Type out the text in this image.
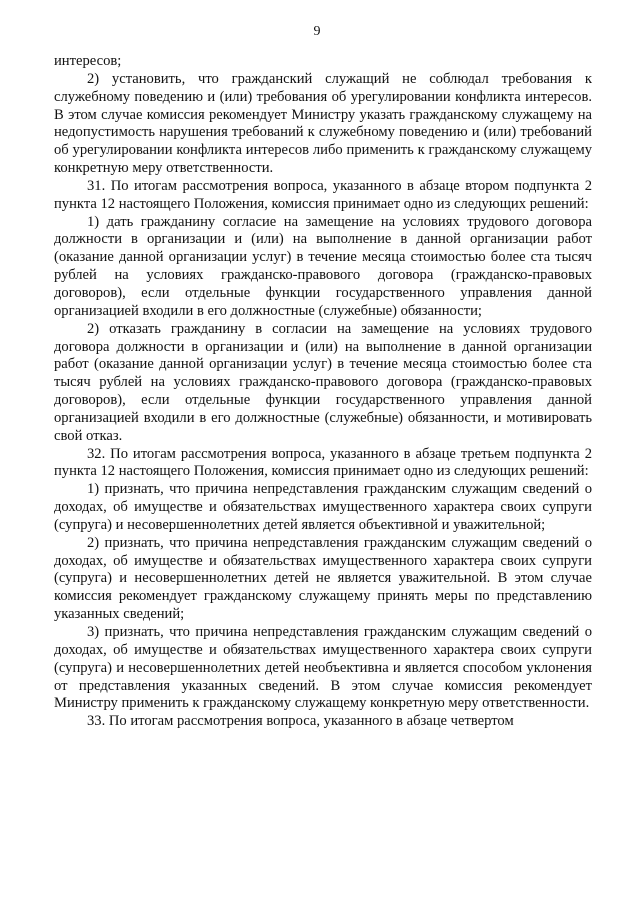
9

интересов;

2) установить, что гражданский служащий не соблюдал требования к служебному поведению и (или) требования об урегулировании конфликта интересов. В этом случае комиссия рекомендует Министру указать гражданскому служащему на недопустимость нарушения требований к служебному поведению и (или) требований об урегулировании конфликта интересов либо применить к гражданскому служащему конкретную меру ответственности.

31. По итогам рассмотрения вопроса, указанного в абзаце втором подпункта 2 пункта 12 настоящего Положения, комиссия принимает одно из следующих решений:

1) дать гражданину согласие на замещение на условиях трудового договора должности в организации и (или) на выполнение в данной организации работ (оказание данной организации услуг) в течение месяца стоимостью более ста тысяч рублей на условиях гражданско-правового договора (гражданско-правовых договоров), если отдельные функции государственного управления данной организацией входили в его должностные (служебные) обязанности;

2) отказать гражданину в согласии на замещение на условиях трудового договора должности в организации и (или) на выполнение в данной организации работ (оказание данной организации услуг) в течение месяца стоимостью более ста тысяч рублей на условиях гражданско-правового договора (гражданско-правовых договоров), если отдельные функции государственного управления данной организацией входили в его должностные (служебные) обязанности, и мотивировать свой отказ.

32. По итогам рассмотрения вопроса, указанного в абзаце третьем подпункта 2 пункта 12 настоящего Положения, комиссия принимает одно из следующих решений:

1) признать, что причина непредставления гражданским служащим сведений о доходах, об имуществе и обязательствах имущественного характера своих супруги (супруга) и несовершеннолетних детей является объективной и уважительной;

2) признать, что причина непредставления гражданским служащим сведений о доходах, об имуществе и обязательствах имущественного характера своих супруги (супруга) и несовершеннолетних детей не является уважительной. В этом случае комиссия рекомендует гражданскому служащему принять меры по представлению указанных сведений;

3) признать, что причина непредставления гражданским служащим сведений о доходах, об имуществе и обязательствах имущественного характера своих супруги (супруга) и несовершеннолетних детей необъективна и является способом уклонения от представления указанных сведений. В этом случае комиссия рекомендует Министру применить к гражданскому служащему конкретную меру ответственности.

33. По итогам рассмотрения вопроса, указанного в абзаце четвертом
